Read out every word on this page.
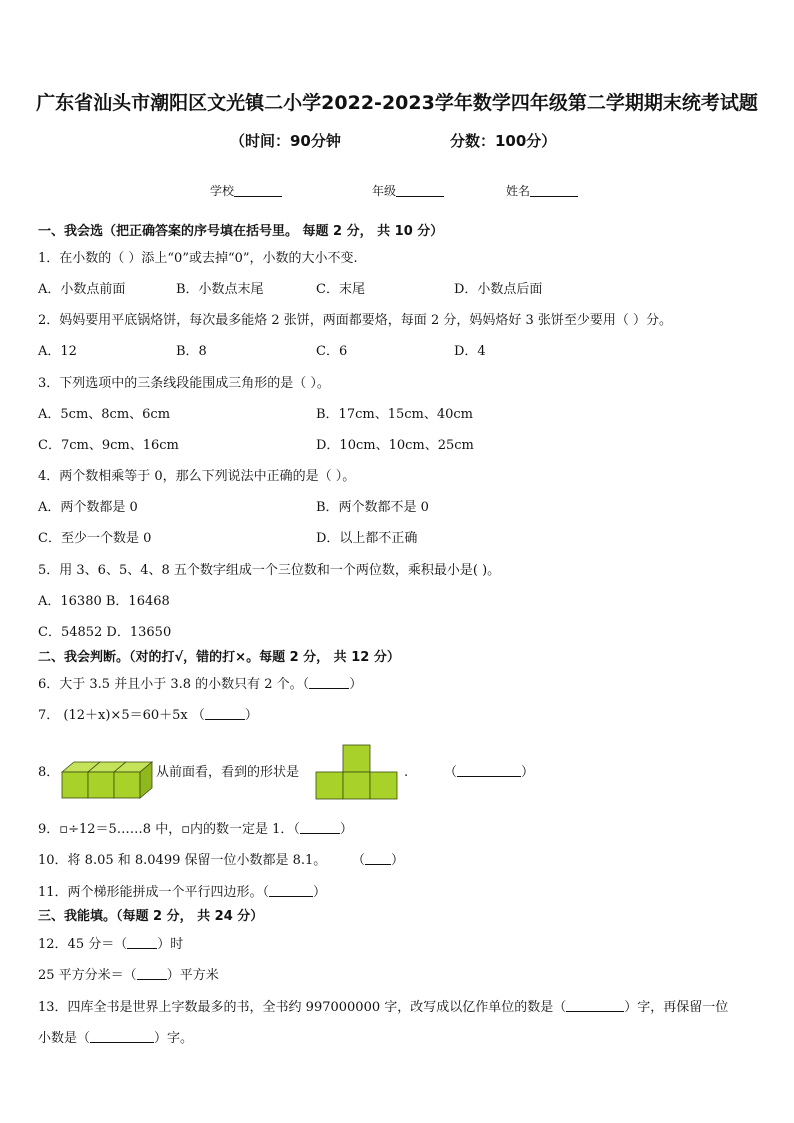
广东省汕头市潮阳区文光镇二小学2022-2023学年数学四年级第二学期期末统考试题
（时间：90分钟	分数：100分）
学校	年级	姓名
一、我会选（把正确答案的序号填在括号里。 每题 2 分， 共 10 分）
1．在小数的（ ）添上“0”或去掉“0”，小数的大小不变.
A．小数点前面	B．小数点末尾	C．末尾	D．小数点后面
2．妈妈要用平底锅烙饼，每次最多能烙 2 张饼，两面都要烙，每面 2 分，妈妈烙好 3 张饼至少要用（ ）分。
A．12	B．8	C．6	D．4
3．下列选项中的三条线段能围成三角形的是（ ）。
A．5cm、8cm、6cm	B．17cm、15cm、40cm
C．7cm、9cm、16cm	D．10cm、10cm、25cm
4．两个数相乘等于 0，那么下列说法中正确的是（ ）。
A．两个数都是 0	B．两个数都不是 0
C．至少一个数是 0	D．以上都不正确
5．用 3、6、5、4、8 五个数字组成一个三位数和一个两位数，乘积最小是( )。
A．16380 B．16468
C．54852 D．13650
二、我会判断。（对的打√，错的打×。每题 2 分， 共 12 分）
6．大于 3.5 并且小于 3.8 的小数只有 2 个。（	）
7． (12＋x)×5＝60＋5x （	）
8．	从前面看，看到的形状是	.	（	）
9．▫÷12＝5……8 中，▫内的数一定是 1．（	）
10．将 8.05 和 8.0499 保留一位小数都是 8.1。 （ ）
11．两个梯形能拼成一个平行四边形。（	）
三、我能填。（每题 2 分， 共 24 分）
12．45 分＝（ ）时
25 平方分米＝（ ）平方米
13．四库全书是世界上字数最多的书，全书约 997000000 字，改写成以亿作单位的数是（	）字，再保留一位
小数是（	）字。
